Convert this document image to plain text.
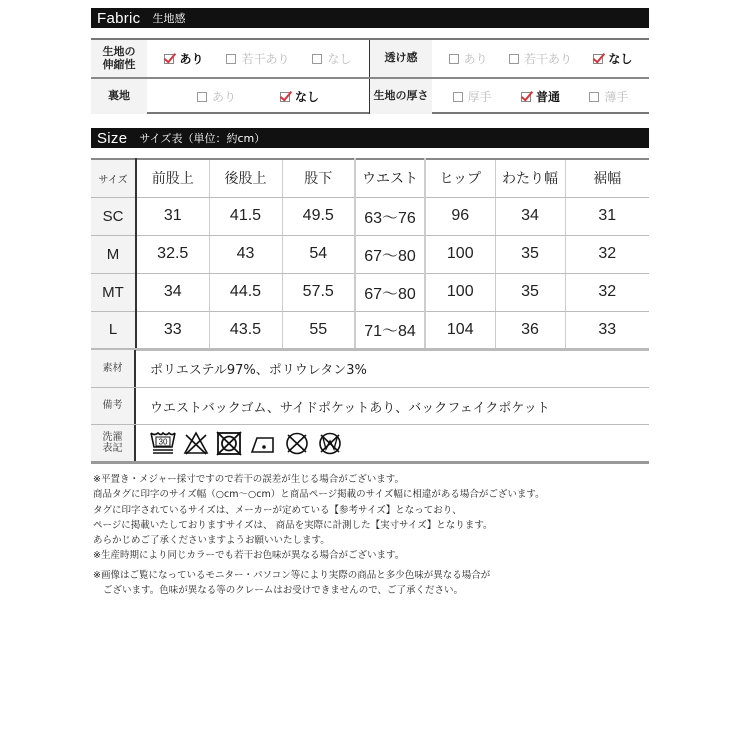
Fabric 生地感
生地の
伸縮性	あり	若干あり	なし	透け感	あり	若干あり	なし
裏地	あり	なし	生地の厚さ	厚手	普通	薄手
Size サイズ表（単位：約cm）
サイズ	前股上	後股上	股下	ウエスト	ヒップ	わたり幅	裾幅
SC	31	41.5	49.5	63〜76	96	34	31
M	32.5	43	54	67〜80	100	35	32
MT	34	44.5	57.5	67〜80	100	35	32
L	33	43.5	55	71〜84	104	36	33
素材	ポリエステル97%、ポリウレタン3%
備考	ウエストバックゴム、サイドポケットあり、バックフェイクポケット
洗濯
表記
30

※平置き・メジャー採寸ですので若干の誤差が生じる場合がございます。

商品タグに印字のサイズ幅（○cm〜○cm）と商品ページ掲載のサイズ幅に相違がある場合がございます。

タグに印字されているサイズは、メーカーが定めている【参考サイズ】となっており、

ページに掲載いたしておりますサイズは、 商品を実際に計測した【実寸サイズ】となります。

あらかじめご了承くださいますようお願いいたします。

※生産時期により同じカラーでも若干お色味が異なる場合がございます。

※画像はご覧になっているモニター・パソコン等により実際の商品と多少色味が異なる場合が

ございます。色味が異なる等のクレームはお受けできませんので、ご了承ください。
